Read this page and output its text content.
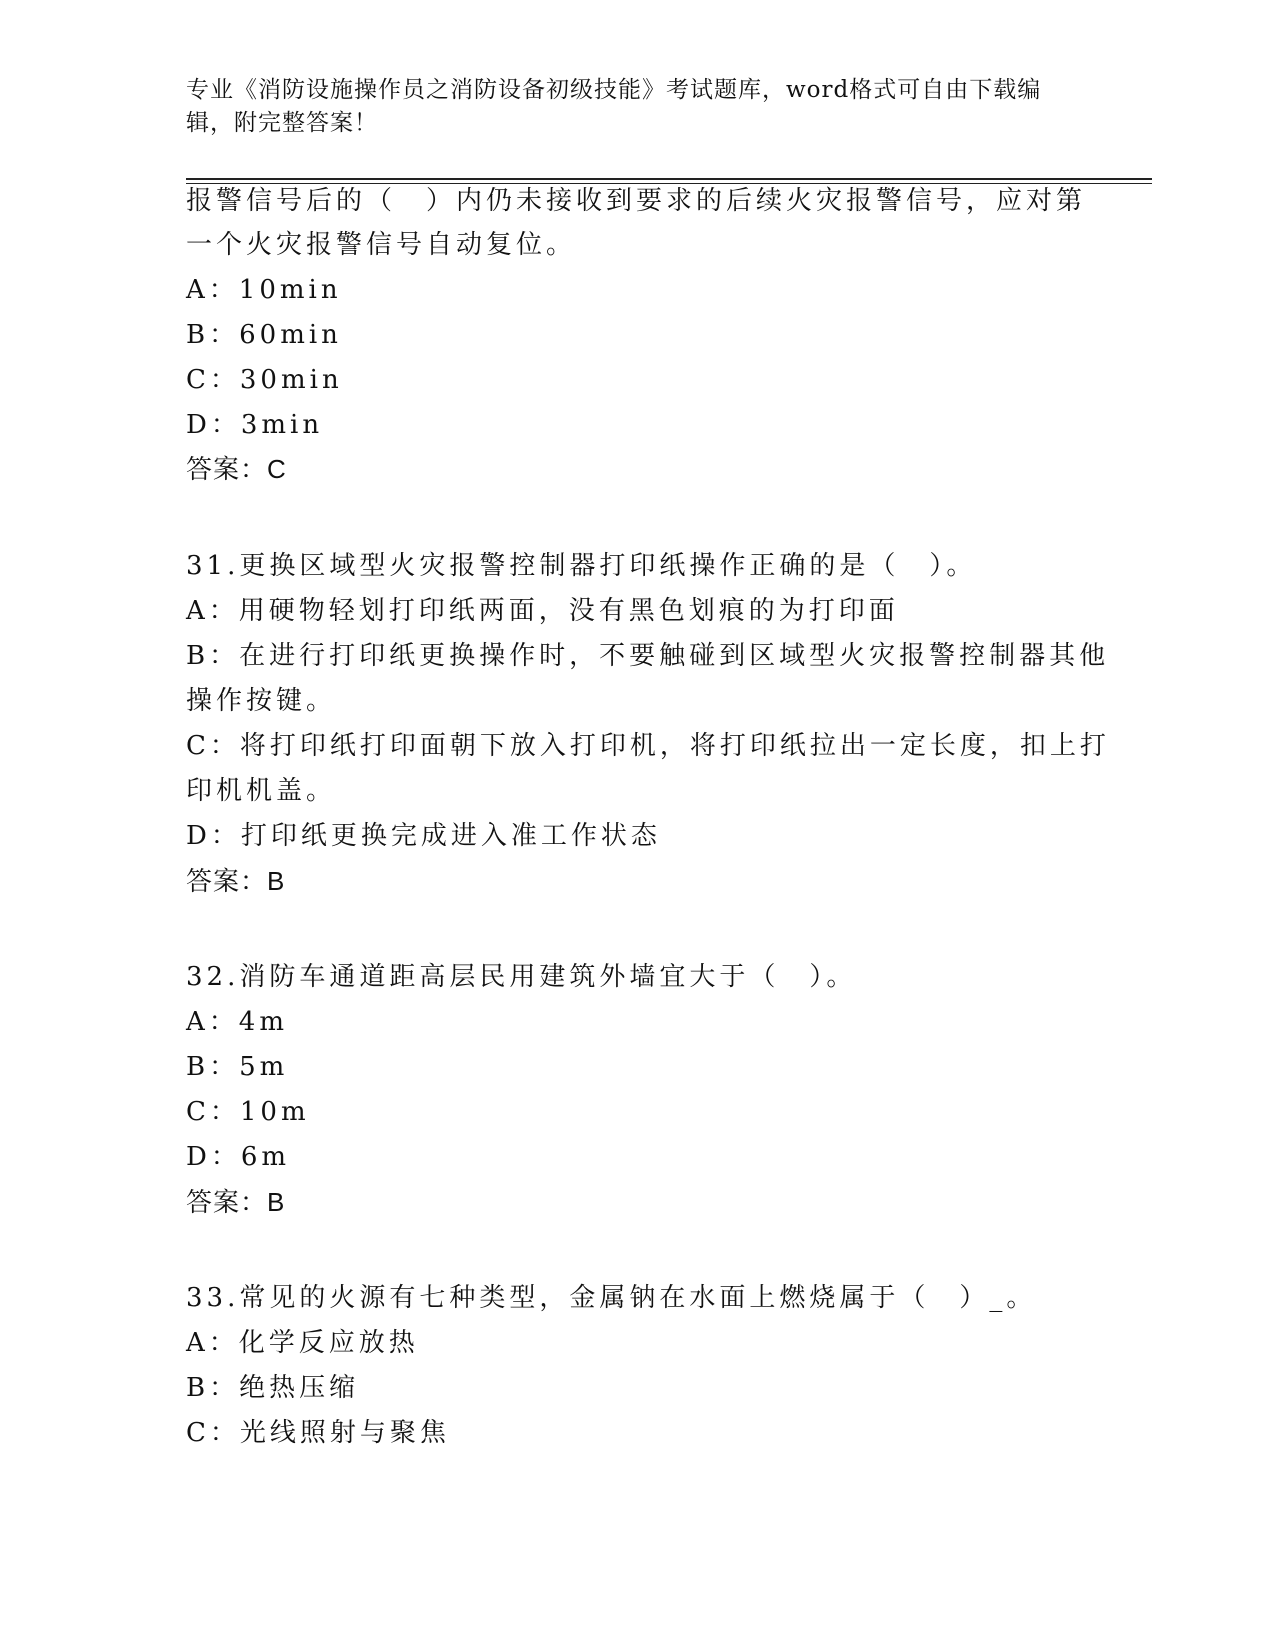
专业《消防设施操作员之消防设备初级技能》考试题库，word格式可自由下载编
辑，附完整答案！
报警信号后的（　）内仍未接收到要求的后续火灾报警信号，应对第
一个火灾报警信号自动复位。
A：10min
B：60min
C：30min
D：3min
答案：C
31.更换区域型火灾报警控制器打印纸操作正确的是（　）。
A：用硬物轻划打印纸两面，没有黑色划痕的为打印面
B：在进行打印纸更换操作时，不要触碰到区域型火灾报警控制器其他
操作按键。
C：将打印纸打印面朝下放入打印机，将打印纸拉出一定长度，扣上打
印机机盖。
D：打印纸更换完成进入准工作状态
答案：B
32.消防车通道距高层民用建筑外墙宜大于（　）。
A：4m
B：5m
C：10m
D：6m
答案：B
33.常见的火源有七种类型，金属钠在水面上燃烧属于（　）_。
A：化学反应放热
B：绝热压缩
C：光线照射与聚焦
